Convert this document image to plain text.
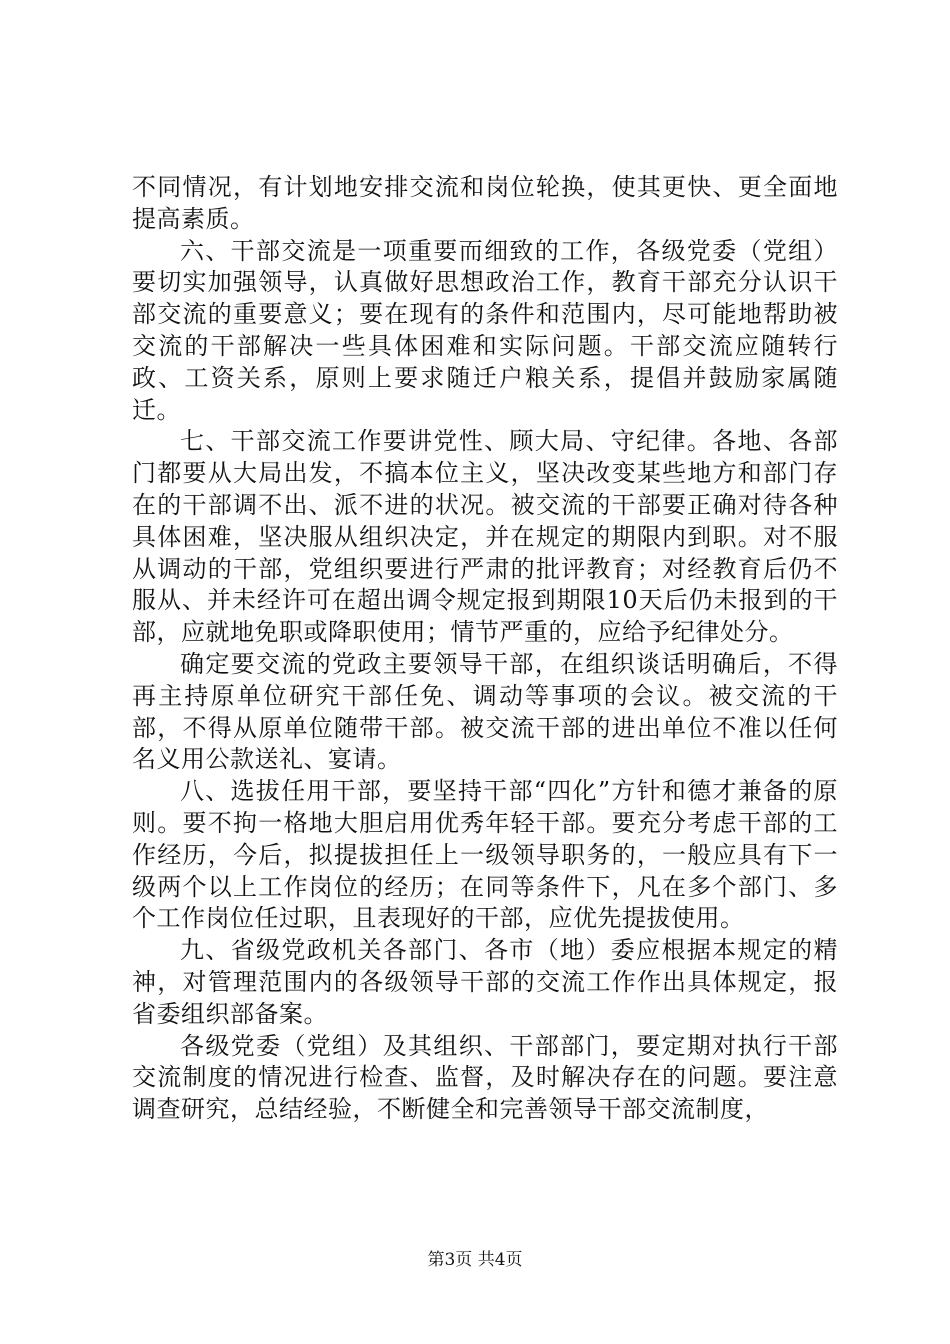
不同情况，有计划地安排交流和岗位轮换，使其更快、更全面地提高素质。

六、干部交流是一项重要而细致的工作，各级党委（党组）要切实加强领导，认真做好思想政治工作，教育干部充分认识干部交流的重要意义；要在现有的条件和范围内，尽可能地帮助被交流的干部解决一些具体困难和实际问题。干部交流应随转行政、工资关系，原则上要求随迁户粮关系，提倡并鼓励家属随迁。

七、干部交流工作要讲党性、顾大局、守纪律。各地、各部门都要从大局出发，不搞本位主义，坚决改变某些地方和部门存在的干部调不出、派不进的状况。被交流的干部要正确对待各种具体困难，坚决服从组织决定，并在规定的期限内到职。对不服从调动的干部，党组织要进行严肃的批评教育；对经教育后仍不服从、并未经许可在超出调令规定报到期限10天后仍未报到的干部，应就地免职或降职使用；情节严重的，应给予纪律处分。

确定要交流的党政主要领导干部，在组织谈话明确后，不得再主持原单位研究干部任免、调动等事项的会议。被交流的干部，不得从原单位随带干部。被交流干部的进出单位不准以任何名义用公款送礼、宴请。

八、选拔任用干部，要坚持干部“四化”方针和德才兼备的原则。要不拘一格地大胆启用优秀年轻干部。要充分考虑干部的工作经历，今后，拟提拔担任上一级领导职务的，一般应具有下一级两个以上工作岗位的经历；在同等条件下，凡在多个部门、多个工作岗位任过职，且表现好的干部，应优先提拔使用。

九、省级党政机关各部门、各市（地）委应根据本规定的精神，对管理范围内的各级领导干部的交流工作作出具体规定，报省委组织部备案。

各级党委（党组）及其组织、干部部门，要定期对执行干部交流制度的情况进行检查、监督，及时解决存在的问题。要注意调查研究，总结经验，不断健全和完善领导干部交流制度，

第3页 共4页
